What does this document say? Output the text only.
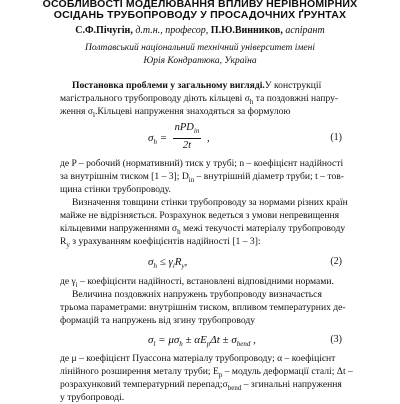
ОСОБЛИВОСТІ МОДЕЛЮВАННЯ ВПЛИВУ НЕРІВНОМІРНИХ
ОСІДАНЬ ТРУБОПРОВОДУ У ПРОСАДОЧНИХ ҐРУНТАХ
С.Ф.Пічугін, д.т.н., професор, П.Ю.Винников, аспірант
Полтавський національний технічний університет імені
Юрія Кондратюка, Україна
Постановка проблеми у загальному вигляді.У конструкції
магістрального трубопроводу діють кільцеві $\sigma_h$ та поздовжні напру-
ження $\sigma_l.Кільцеві$ напруження знаходяться за формулою
$\sigma_h$ =
nPD$_{in}$
2t
,	(1)
де P – робочий (нормативний) тиск у трубі; n – коефіцієнт надійності
за внутрішнім тиском [1 – 3]; $D_{in}$ – внутрішній діаметр труби; t – тов-
щина стінки трубопроводу.
Визначення товщини стінки трубопроводу за нормами різних країн
майже не відрізняється. Розрахунок ведеться з умови непревищення
кільцевими напруженнями $\sigma_h$ межі текучості матеріалу трубопроводу
$R_y$ з урахуванням коефіцієнтів надійності [1 – 3]:
$\sigma_h \le \gamma_iR_y$,	(2)
де $\gamma_i$ – коефіцієнти надійності, встановлені відповідними нормами.
Величина поздовжніх напружень трубопроводу визначається
трьома параметрами: внутрішнім тиском, впливом температурних де-
формацій та напружень від згину трубопроводу
$\sigma_l = \mu\sigma_h \pm \alpha E_p\Delta t \pm \sigma_{bend}$ ,	(3)
де μ – коефіцієнт Пуассона матеріалу трубопроводу; α – коефіцієнт
лінійного розширення металу труби; $E_p$ – модуль деформації сталі; Δt –
розрахунковий температурний $перепад;\sigma_{bend}$ – згинальні напруження
у трубопроводі.
